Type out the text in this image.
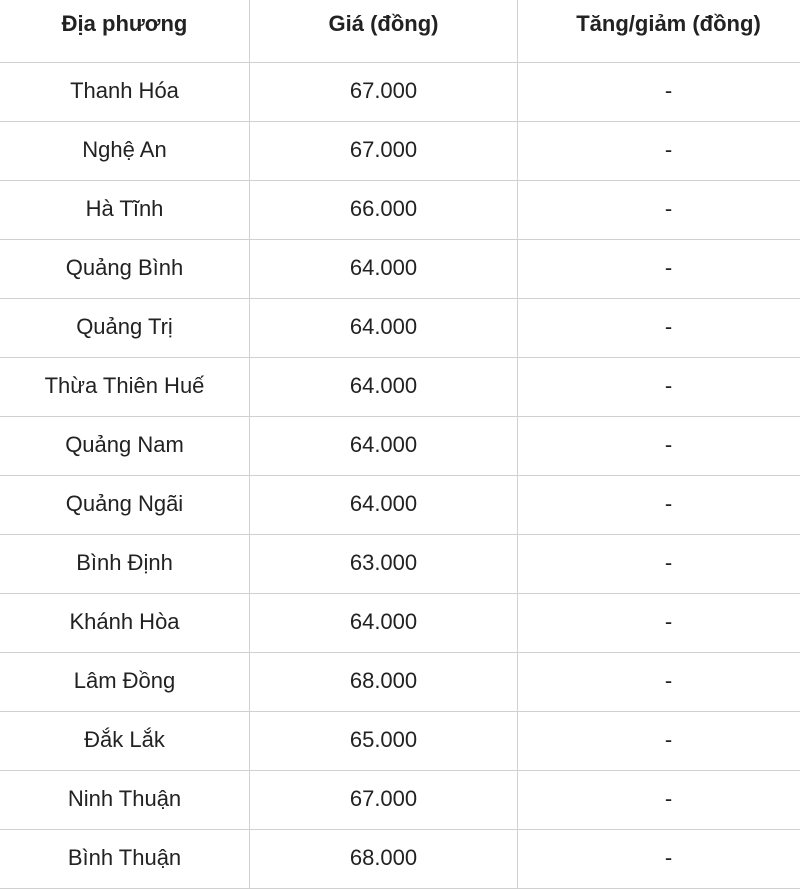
Địa phương	Giá (đồng)	Tăng/giảm (đồng)
Thanh Hóa	67.000	-
Nghệ An	67.000	-
Hà Tĩnh	66.000	-
Quảng Bình	64.000	-
Quảng Trị	64.000	-
Thừa Thiên Huế	64.000	-
Quảng Nam	64.000	-
Quảng Ngãi	64.000	-
Bình Định	63.000	-
Khánh Hòa	64.000	-
Lâm Đồng	68.000	-
Đắk Lắk	65.000	-
Ninh Thuận	67.000	-
Bình Thuận	68.000	-
